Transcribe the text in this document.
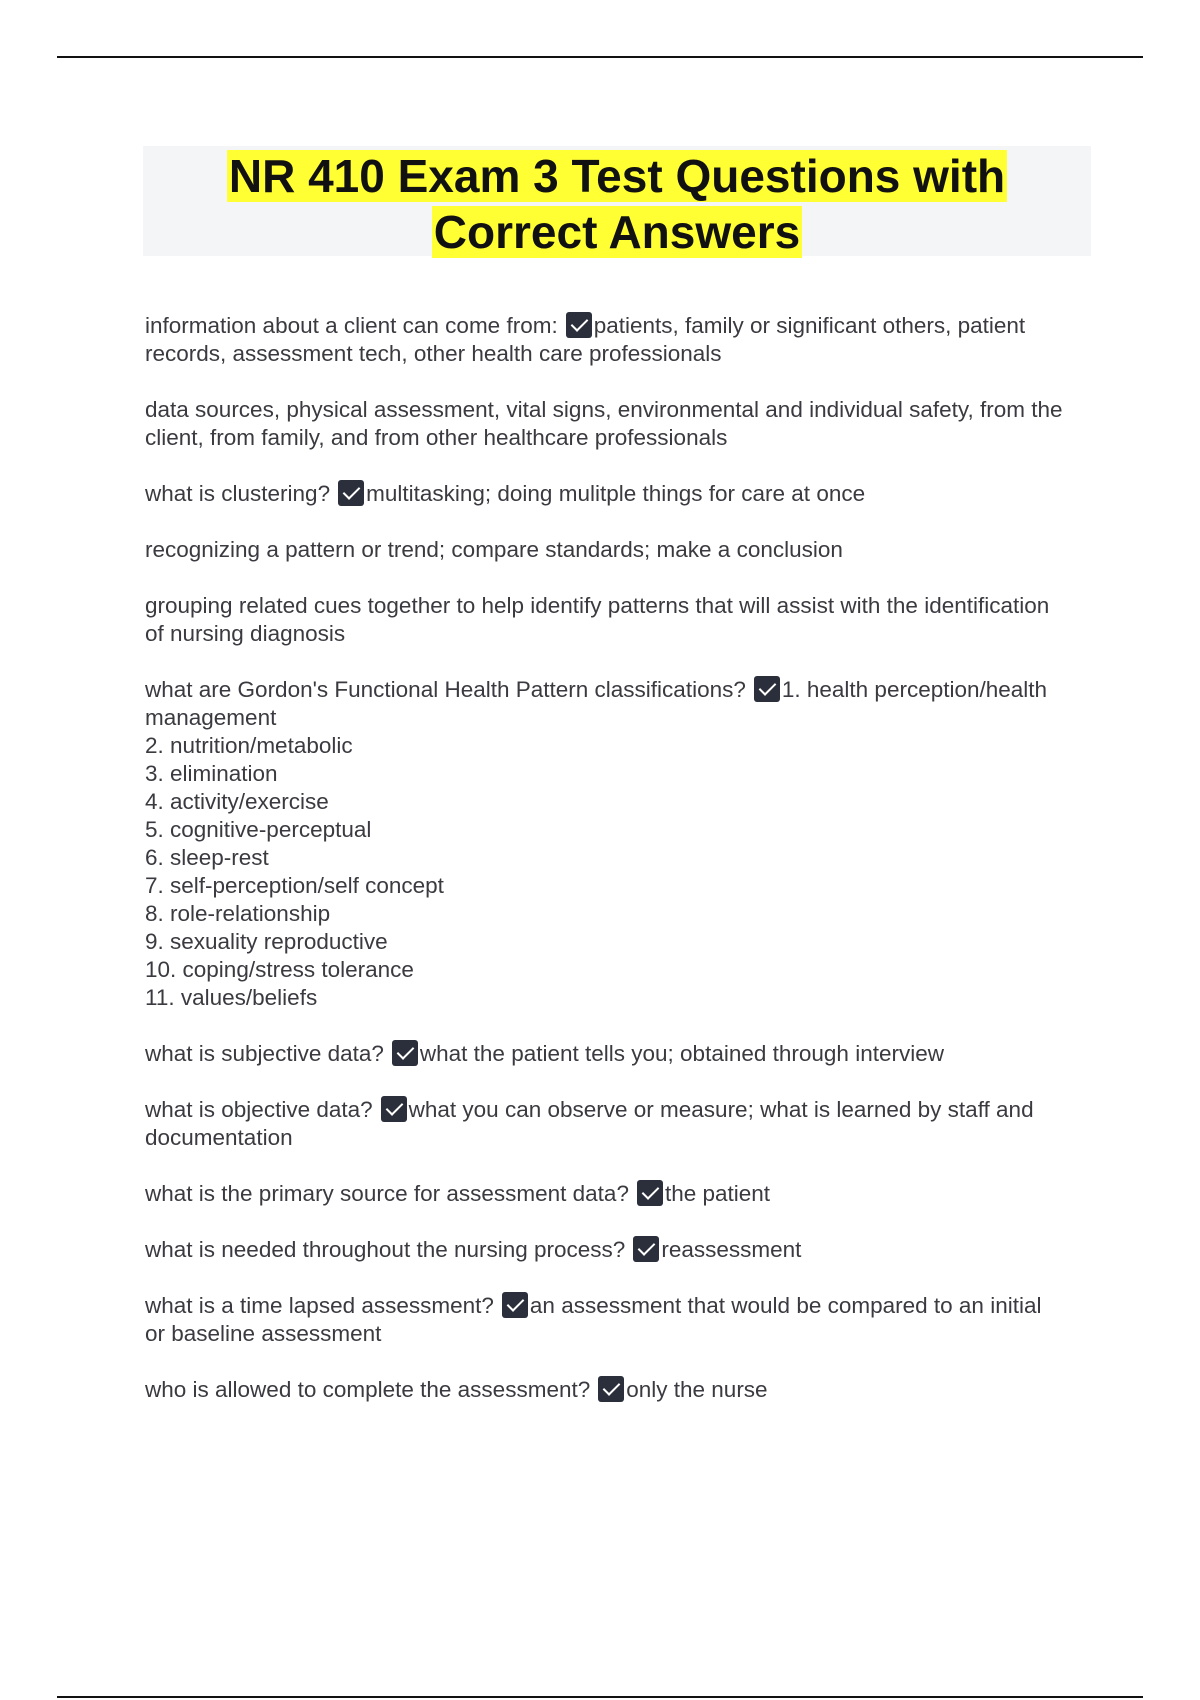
NR 410 Exam 3 Test Questions with
Correct Answers

information about a client can come from: patients, family or significant others, patient records, assessment tech, other health care professionals

data sources, physical assessment, vital signs, environmental and individual safety, from the client, from family, and from other healthcare professionals

what is clustering? multitasking; doing mulitple things for care at once

recognizing a pattern or trend; compare standards; make a conclusion

grouping related cues together to help identify patterns that will assist with the identification of nursing diagnosis

what are Gordon's Functional Health Pattern classifications? 1. health perception/health management
2. nutrition/metabolic
3. elimination
4. activity/exercise
5. cognitive-perceptual
6. sleep-rest
7. self-perception/self concept
8. role-relationship
9. sexuality reproductive
10. coping/stress tolerance
11. values/beliefs

what is subjective data? what the patient tells you; obtained through interview

what is objective data? what you can observe or measure; what is learned by staff and documentation

what is the primary source for assessment data? the patient

what is needed throughout the nursing process? reassessment

what is a time lapsed assessment? an assessment that would be compared to an initial or baseline assessment

who is allowed to complete the assessment? only the nurse
